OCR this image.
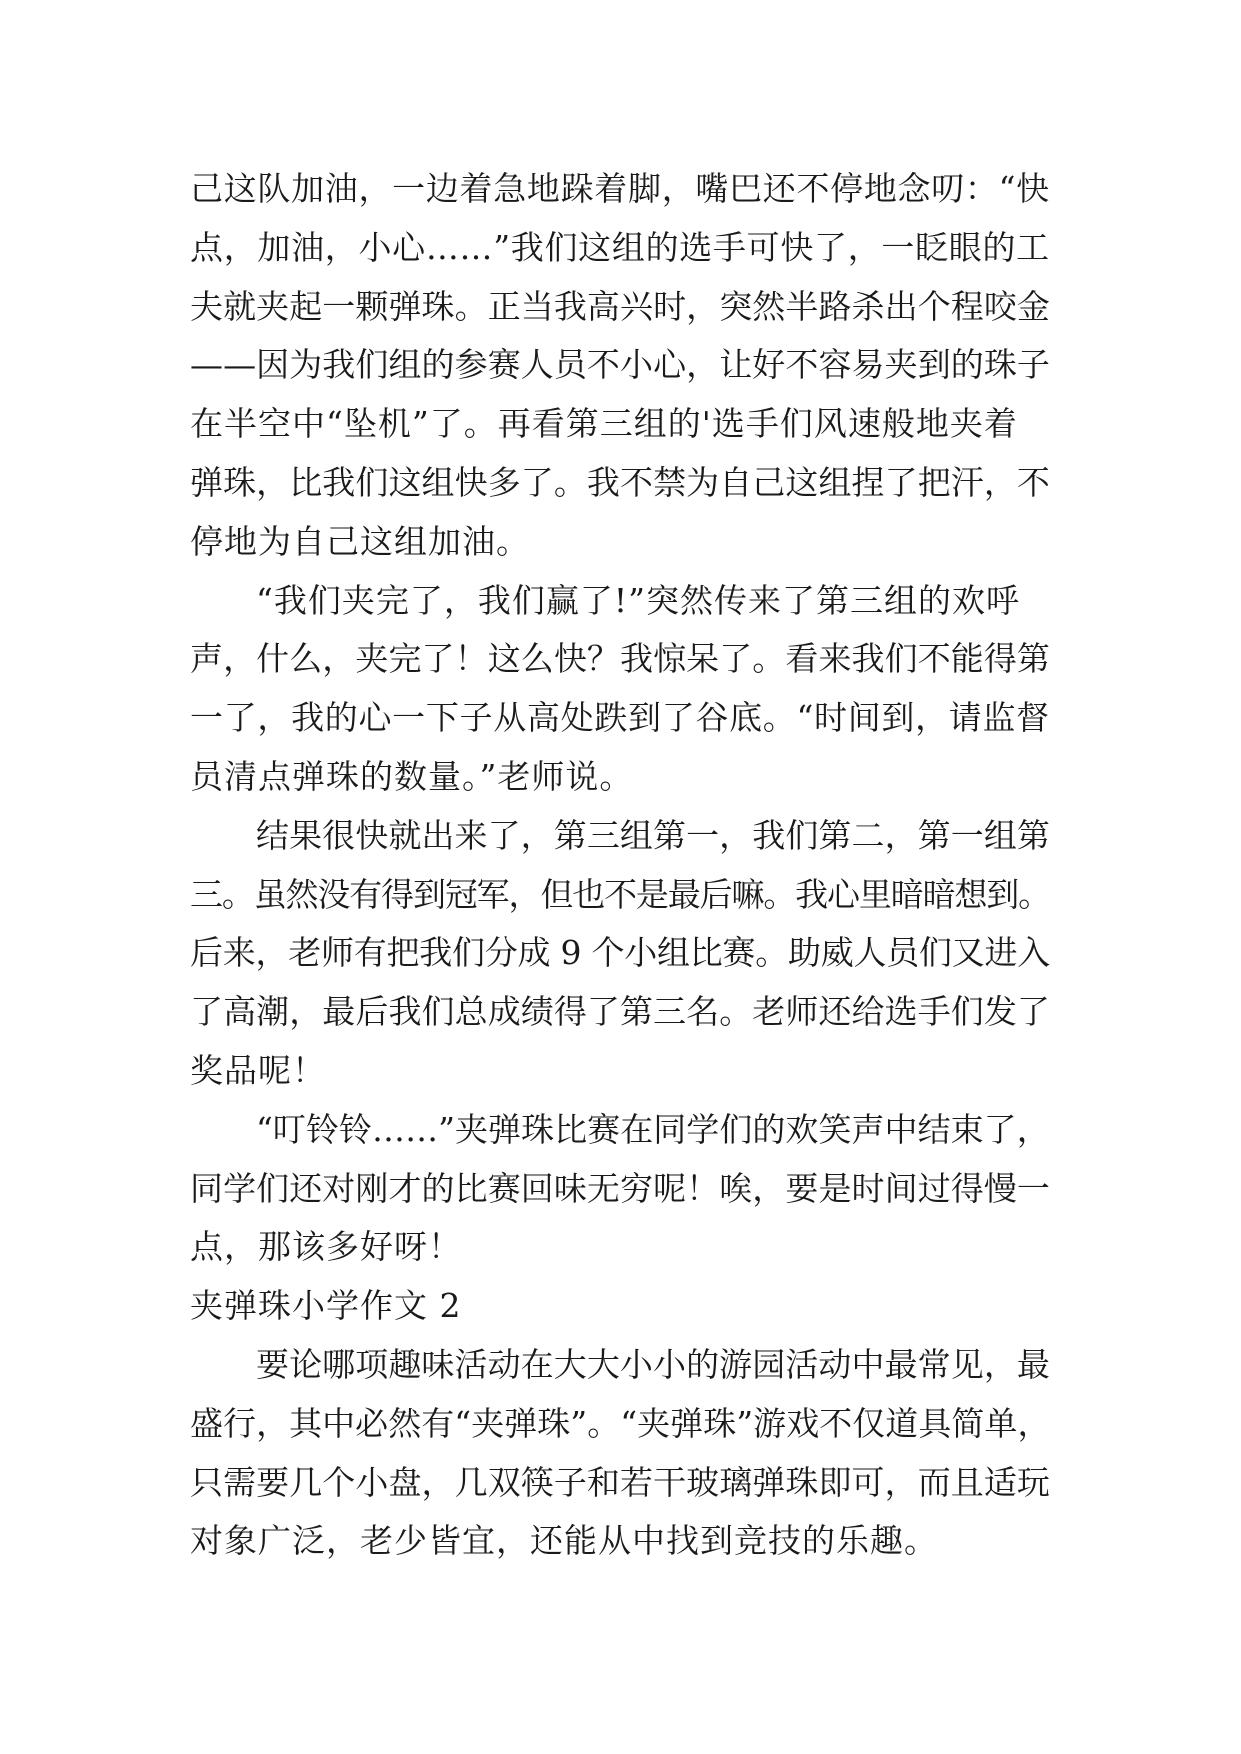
己这队加油，一边着急地跺着脚，嘴巴还不停地念叨：“快
点，加油，小心……”我们这组的选手可快了，一眨眼的工
夫就夹起一颗弹珠。正当我高兴时，突然半路杀出个程咬金
——因为我们组的参赛人员不小心，让好不容易夹到的珠子
在半空中“坠机”了。再看第三组的'选手们风速般地夹着
弹珠，比我们这组快多了。我不禁为自己这组捏了把汗，不
停地为自己这组加油。
“我们夹完了，我们赢了!”突然传来了第三组的欢呼
声，什么，夹完了！这么快？我惊呆了。看来我们不能得第
一了，我的心一下子从高处跌到了谷底。“时间到，请监督
员清点弹珠的数量。”老师说。
结果很快就出来了，第三组第一，我们第二，第一组第
三。虽然没有得到冠军，但也不是最后嘛。我心里暗暗想到。
后来，老师有把我们分成 9 个小组比赛。助威人员们又进入
了高潮，最后我们总成绩得了第三名。老师还给选手们发了
奖品呢！
“叮铃铃……”夹弹珠比赛在同学们的欢笑声中结束了，
同学们还对刚才的比赛回味无穷呢！唉，要是时间过得慢一
点，那该多好呀！
夹弹珠小学作文 2
要论哪项趣味活动在大大小小的游园活动中最常见，最
盛行，其中必然有“夹弹珠”。“夹弹珠”游戏不仅道具简单，
只需要几个小盘，几双筷子和若干玻璃弹珠即可，而且适玩
对象广泛，老少皆宜，还能从中找到竞技的乐趣。
